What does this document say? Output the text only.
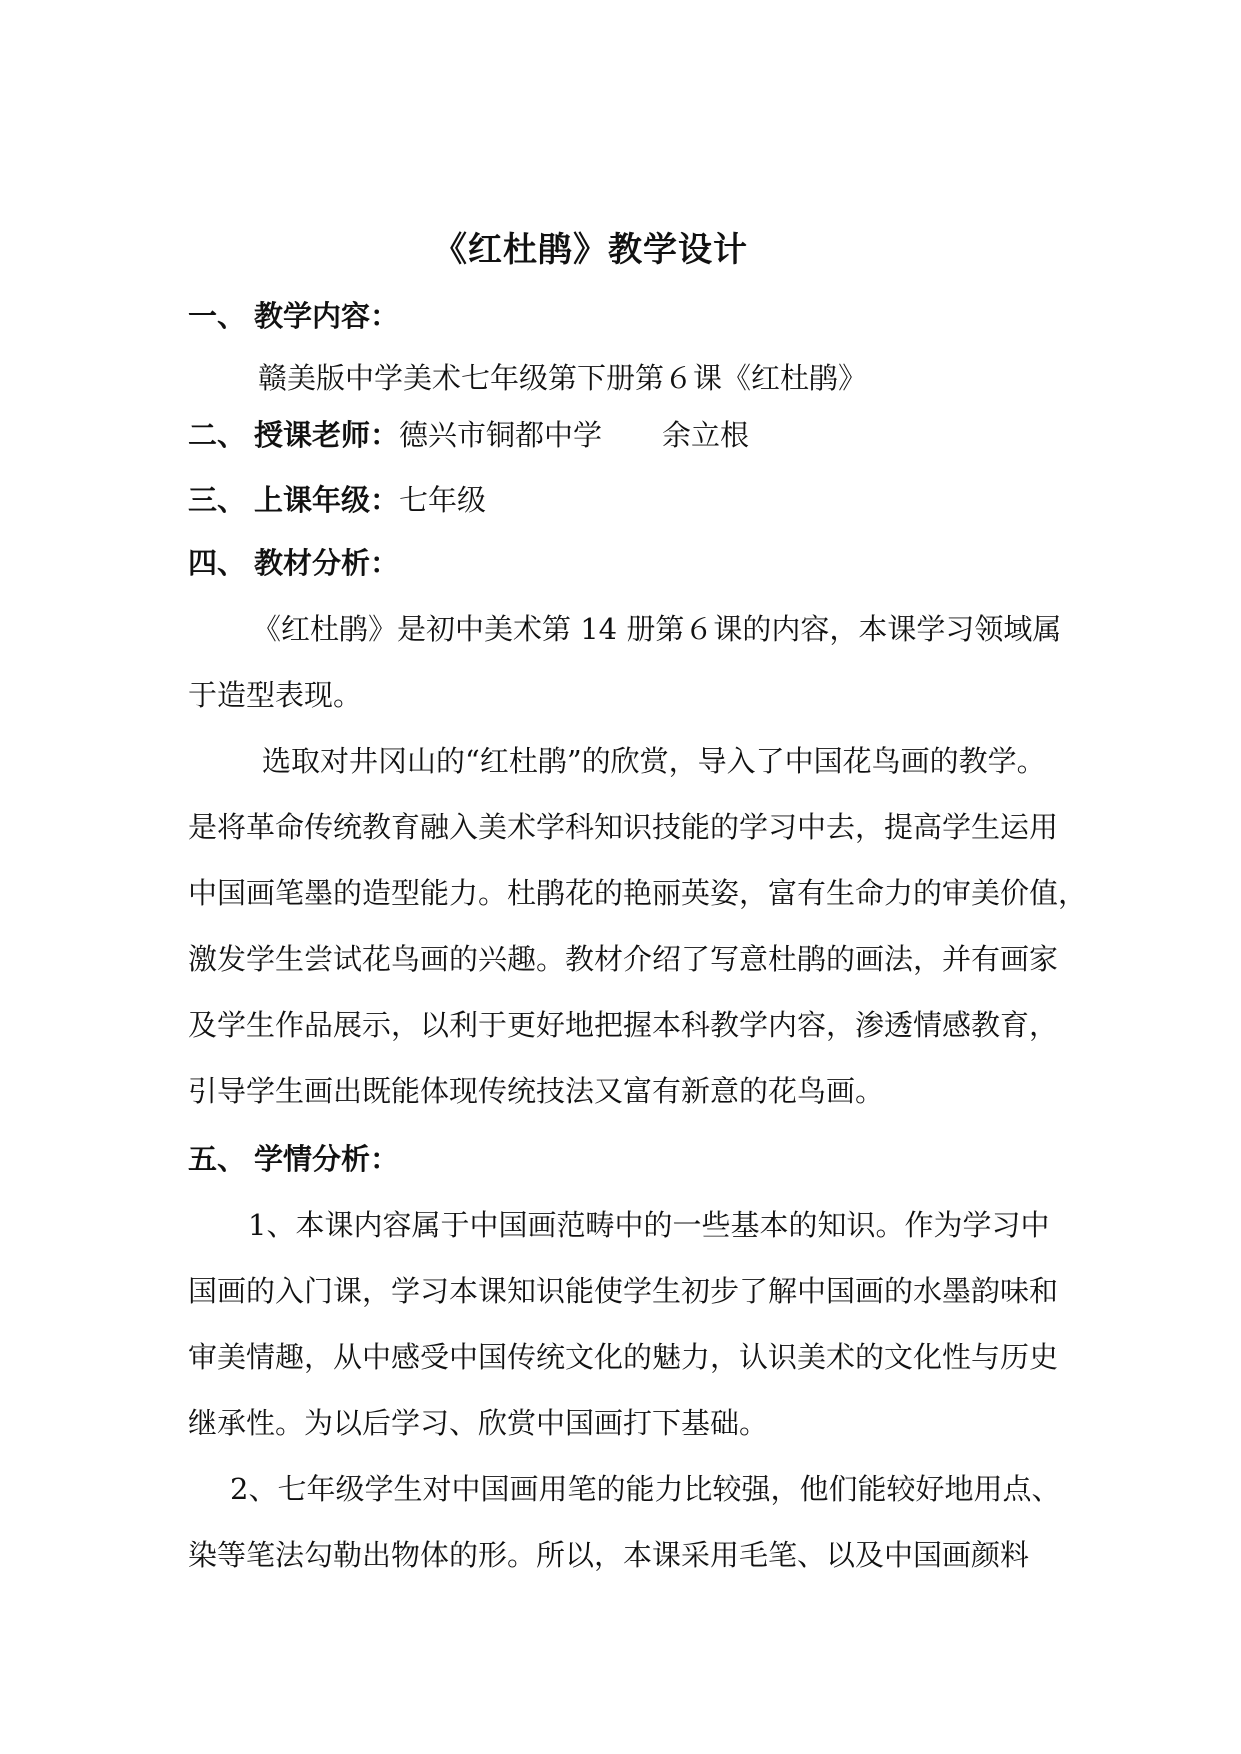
《红杜鹃》教学设计
一、 教学内容：
赣美版中学美术七年级第下册第６课《红杜鹃》
二、 授课老师：德兴市铜都中学 余立根
三、 上课年级：七年级
四、 教材分析：
《红杜鹃》是初中美术第 14 册第６课的内容，本课学习领域属
于造型表现。
选取对井冈山的“红杜鹃”的欣赏，导入了中国花鸟画的教学。
是将革命传统教育融入美术学科知识技能的学习中去，提高学生运用
中国画笔墨的造型能力。杜鹃花的艳丽英姿，富有生命力的审美价值，
激发学生尝试花鸟画的兴趣。教材介绍了写意杜鹃的画法，并有画家
及学生作品展示，以利于更好地把握本科教学内容，渗透情感教育，
引导学生画出既能体现传统技法又富有新意的花鸟画。
五、 学情分析：
1、本课内容属于中国画范畴中的一些基本的知识。作为学习中
国画的入门课，学习本课知识能使学生初步了解中国画的水墨韵味和
审美情趣，从中感受中国传统文化的魅力，认识美术的文化性与历史
继承性。为以后学习、欣赏中国画打下基础。
2、七年级学生对中国画用笔的能力比较强，他们能较好地用点、
染等笔法勾勒出物体的形。所以，本课采用毛笔、以及中国画颜料
